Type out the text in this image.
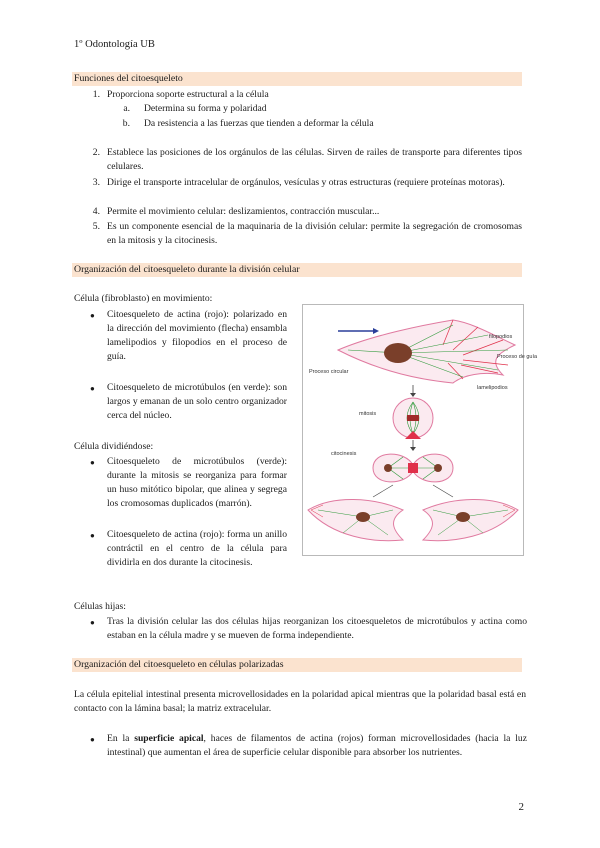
1º Odontología UB
Funciones del citoesqueleto
1. Proporciona soporte estructural a la célula
a. Determina su forma y polaridad
b. Da resistencia a las fuerzas que tienden a deformar la célula
2. Establece las posiciones de los orgánulos de las células. Sirven de railes de transporte para diferentes tipos celulares.
3. Dirige el transporte intracelular de orgánulos, vesículas y otras estructuras (requiere proteínas motoras).
4. Permite el movimiento celular: deslizamientos, contracción muscular...
5. Es un componente esencial de la maquinaria de la división celular: permite la segregación de cromosomas en la mitosis y la citocinesis.
Organización del citoesqueleto durante la división celular
Célula (fibroblasto) en movimiento:
● Citoesqueleto de actina (rojo): polarizado en la dirección del movimiento (flecha) ensambla lamelipodios y filopodios en el proceso de guía.
● Citoesqueleto de microtúbulos (en verde): son largos y emanan de un solo centro organizador cerca del núcleo.
Célula dividiéndose:
● Citoesqueleto de microtúbulos (verde): durante la mitosis se reorganiza para formar un huso mitótico bipolar, que alinea y segrega los cromosomas duplicados (marrón).
● Citoesqueleto de actina (rojo): forma un anillo contráctil en el centro de la célula para dividirla en dos durante la citocinesis.
filopodios
Proceso de guía
lamelipodios
Proceso circular
mitosis
citocinesis
Células hijas:
● Tras la división celular las dos células hijas reorganizan los citoesqueletos de microtúbulos y actina como estaban en la célula madre y se mueven de forma independiente.
Organización del citoesqueleto en células polarizadas
La célula epitelial intestinal presenta microvellosidades en la polaridad apical mientras que la polaridad basal está en contacto con la lámina basal; la matriz extracelular.
● En la superficie apical, haces de filamentos de actina (rojos) forman microvellosidades (hacia la luz intestinal) que aumentan el área de superficie celular disponible para absorber los nutrientes.
2
